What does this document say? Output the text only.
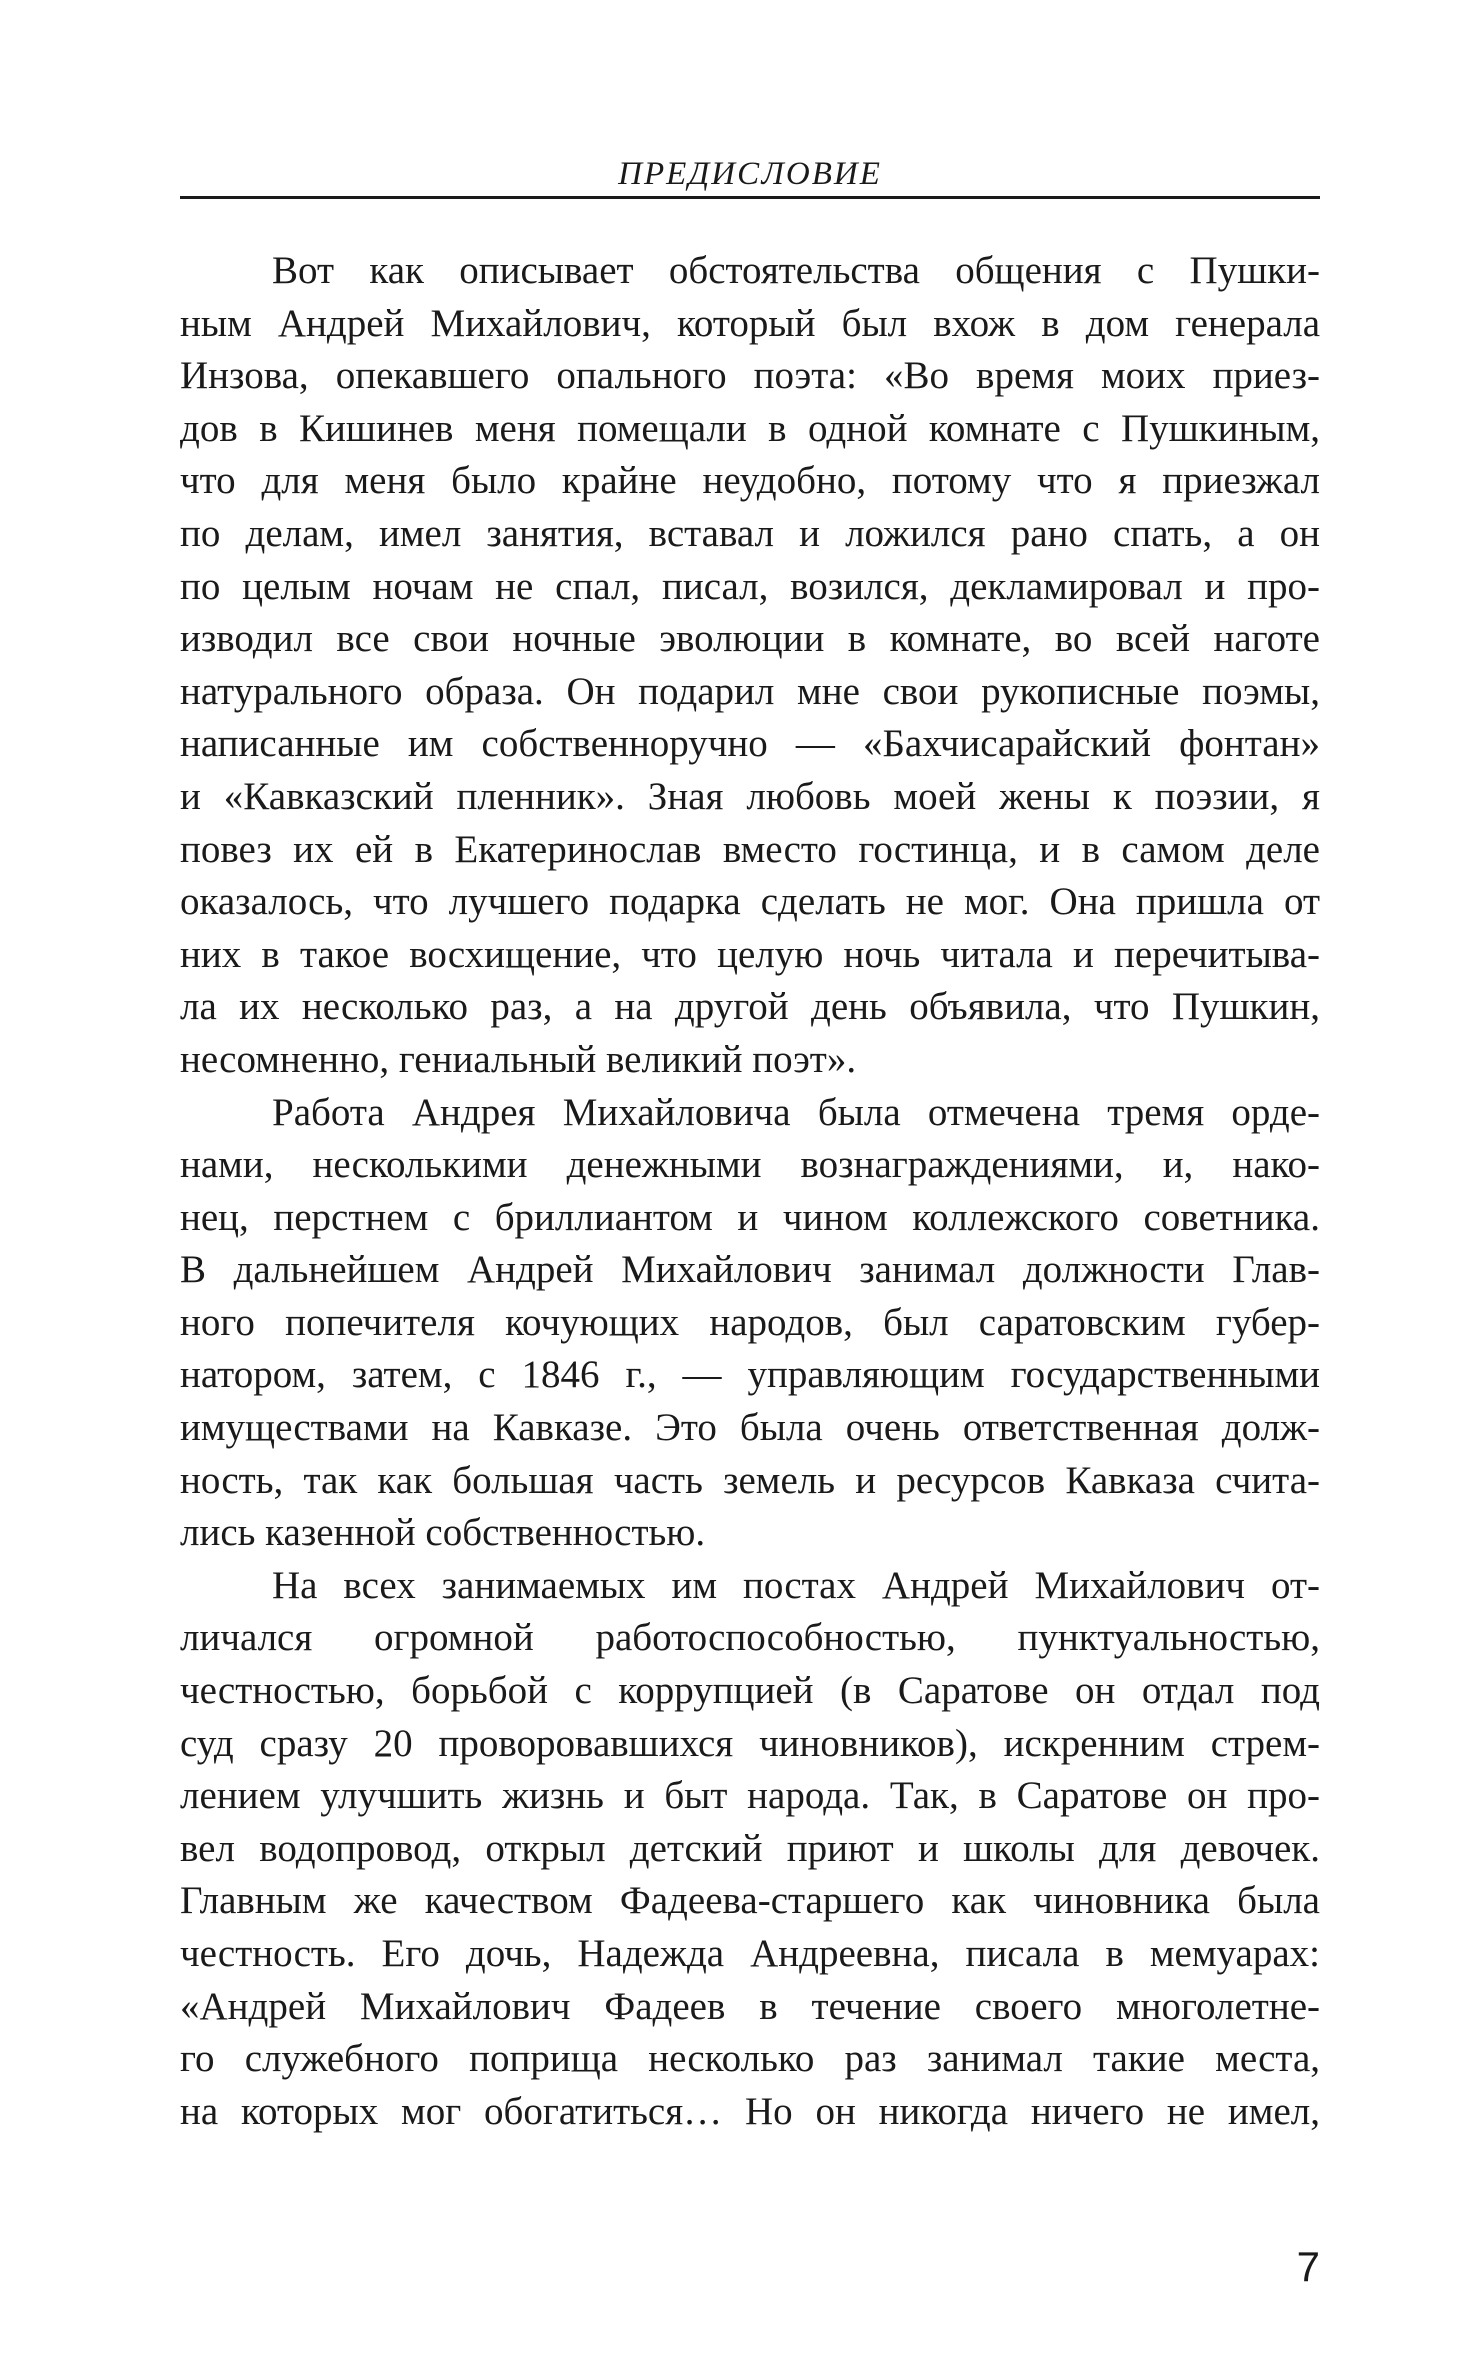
ПРЕДИСЛОВИЕ
Вот как описывает обстоятельства общения с Пушки-
ным Андрей Михайлович, который был вхож в дом генерала
Инзова, опекавшего опального поэта: «Во время моих приез-
дов в Кишинев меня помещали в одной комнате с Пушкиным,
что для меня было крайне неудобно, потому что я приезжал
по делам, имел занятия, вставал и ложился рано спать, а он
по целым ночам не спал, писал, возился, декламировал и про-
изводил все свои ночные эволюции в комнате, во всей наготе
натурального образа. Он подарил мне свои рукописные поэмы,
написанные им собственноручно — «Бахчисарайский фонтан»
и «Кавказский пленник». Зная любовь моей жены к поэзии, я
повез их ей в Екатеринослав вместо гостинца, и в самом деле
оказалось, что лучшего подарка сделать не мог. Она пришла от
них в такое восхищение, что целую ночь читала и перечитыва-
ла их несколько раз, а на другой день объявила, что Пушкин,
несомненно, гениальный великий поэт».
Работа Андрея Михайловича была отмечена тремя орде-
нами, несколькими денежными вознаграждениями, и, нако-
нец, перстнем с бриллиантом и чином коллежского советника.
В дальнейшем Андрей Михайлович занимал должности Глав-
ного попечителя кочующих народов, был саратовским губер-
натором, затем, с 1846 г., — управляющим государственными
имуществами на Кавказе. Это была очень ответственная долж-
ность, так как большая часть земель и ресурсов Кавказа счита-
лись казенной собственностью.
На всех занимаемых им постах Андрей Михайлович от-
личался огромной работоспособностью, пунктуальностью,
честностью, борьбой с коррупцией (в Саратове он отдал под
суд сразу 20 проворовавшихся чиновников), искренним стрем-
лением улучшить жизнь и быт народа. Так, в Саратове он про-
вел водопровод, открыл детский приют и школы для девочек.
Главным же качеством Фадеева-старшего как чиновника была
честность. Его дочь, Надежда Андреевна, писала в мемуарах:
«Андрей Михайлович Фадеев в течение своего многолетне-
го служебного поприща несколько раз занимал такие места,
на которых мог обогатиться… Но он никогда ничего не имел,
7
